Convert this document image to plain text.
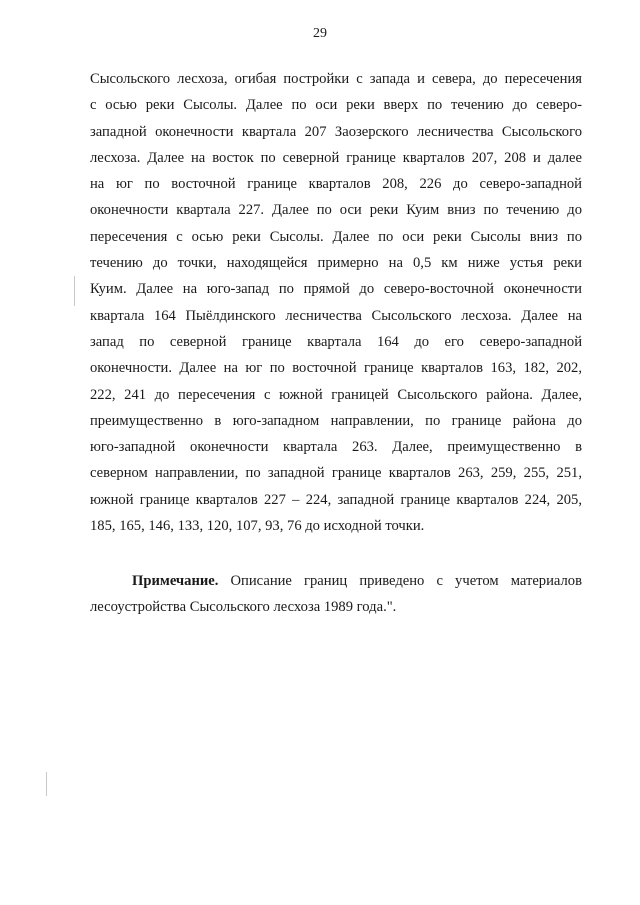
29
Сысольского лесхоза, огибая постройки с запада и севера, до пересечения
с осью реки Сысолы. Далее по оси реки вверх по течению до северо-
западной оконечности квартала 207 Заозерского лесничества Сысольского
лесхоза. Далее на восток по северной границе кварталов 207, 208 и далее
на юг по восточной границе кварталов 208, 226 до северо-западной
оконечности квартала 227. Далее по оси реки Куим вниз по течению до
пересечения с осью реки Сысолы. Далее по оси реки Сысолы вниз по
течению до точки, находящейся примерно на 0,5 км ниже устья реки
Куим. Далее на юго-запад по прямой до северо-восточной оконечности
квартала 164 Пыёлдинского лесничества Сысольского лесхоза. Далее на
запад по северной границе квартала 164 до его северо-западной
оконечности. Далее на юг по восточной границе кварталов 163, 182, 202,
222, 241 до пересечения с южной границей Сысольского района. Далее,
преимущественно в юго-западном направлении, по границе района до
юго-западной оконечности квартала 263. Далее, преимущественно в
северном направлении, по западной границе кварталов 263, 259, 255, 251,
южной границе кварталов 227 – 224, западной границе кварталов 224, 205,
185, 165, 146, 133, 120, 107, 93, 76 до исходной точки.
Примечание. Описание границ приведено с учетом материалов
лесоустройства Сысольского лесхоза 1989 года.".
